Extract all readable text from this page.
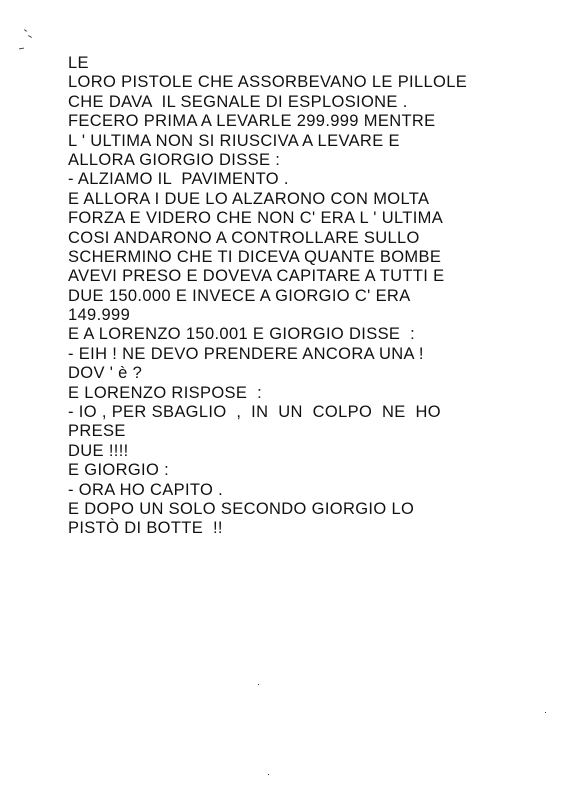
LE
LORO PISTOLE CHE ASSORBEVANO LE PILLOLE
CHE DAVA  IL SEGNALE DI ESPLOSIONE .
FECERO PRIMA A LEVARLE 299.999 MENTRE
L ' ULTIMA NON SI RIUSCIVA A LEVARE E
ALLORA GIORGIO DISSE :
- ALZIAMO IL  PAVIMENTO .
E ALLORA I DUE LO ALZARONO CON MOLTA
FORZA E VIDERO CHE NON C' ERA L ' ULTIMA
COSI ANDARONO A CONTROLLARE SULLO
SCHERMINO CHE TI DICEVA QUANTE BOMBE
AVEVI PRESO E DOVEVA CAPITARE A TUTTI E
DUE 150.000 E INVECE A GIORGIO C' ERA
149.999
E A LORENZO 150.001 E GIORGIO DISSE  :
- EIH ! NE DEVO PRENDERE ANCORA UNA !
DOV ' è ?
E LORENZO RISPOSE  :
- IO , PER SBAGLIO  ,  IN  UN  COLPO  NE  HO
PRESE
DUE !!!!
E GIORGIO :
- ORA HO CAPITO .
E DOPO UN SOLO SECONDO GIORGIO LO
PISTÒ DI BOTTE  !!
